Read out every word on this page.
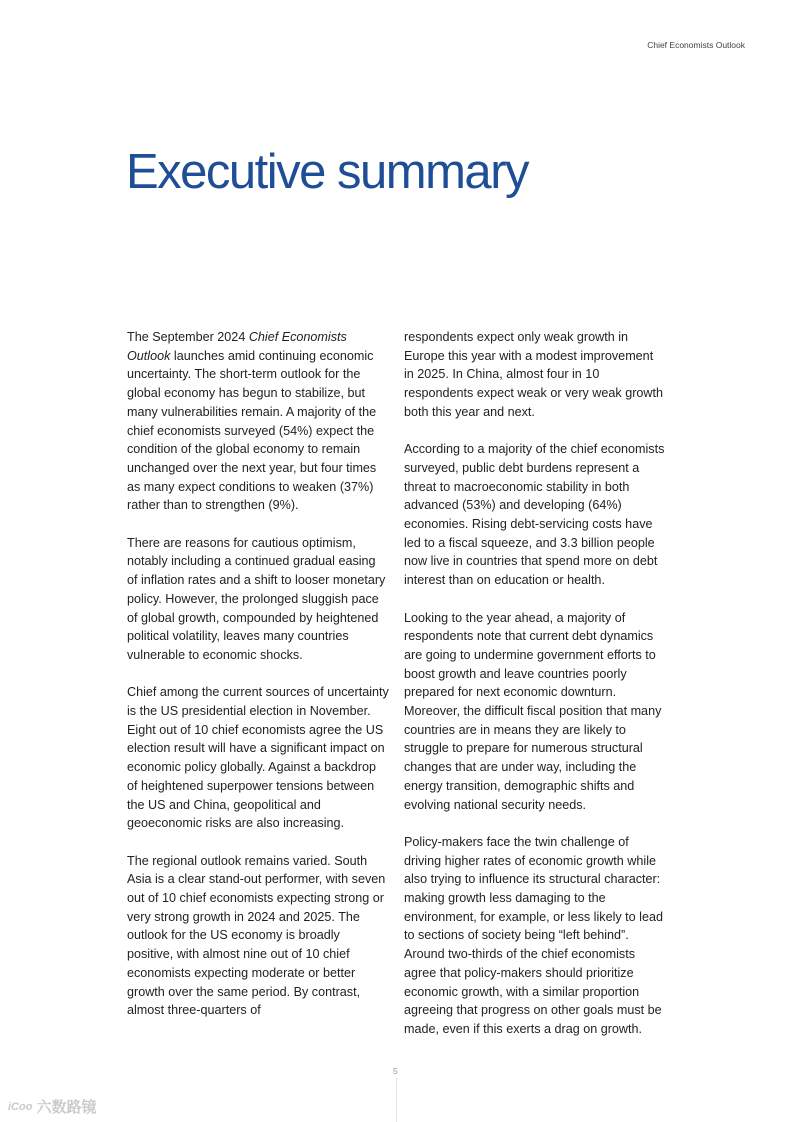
Chief Economists Outlook
Executive summary

The September 2024 Chief Economists Outlook launches amid continuing economic uncertainty. The short-term outlook for the global economy has begun to stabilize, but many vulnerabilities remain. A majority of the chief economists surveyed (54%) expect the condition of the global economy to remain unchanged over the next year, but four times as many expect conditions to weaken (37%) rather than to strengthen (9%).

There are reasons for cautious optimism, notably including a continued gradual easing of inflation rates and a shift to looser monetary policy. However, the prolonged sluggish pace of global growth, compounded by heightened political volatility, leaves many countries vulnerable to economic shocks.

Chief among the current sources of uncertainty is the US presidential election in November. Eight out of 10 chief economists agree the US election result will have a significant impact on economic policy globally. Against a backdrop of heightened superpower tensions between the US and China, geopolitical and geoeconomic risks are also increasing.

The regional outlook remains varied. South Asia is a clear stand-out performer, with seven out of 10 chief economists expecting strong or very strong growth in 2024 and 2025. The outlook for the US economy is broadly positive, with almost nine out of 10 chief economists expecting moderate or better growth over the same period. By contrast, almost three-quarters of

respondents expect only weak growth in Europe this year with a modest improvement in 2025. In China, almost four in 10 respondents expect weak or very weak growth both this year and next.

According to a majority of the chief economists surveyed, public debt burdens represent a threat to macroeconomic stability in both advanced (53%) and developing (64%) economies. Rising debt-servicing costs have led to a fiscal squeeze, and 3.3 billion people now live in countries that spend more on debt interest than on education or health.

Looking to the year ahead, a majority of respondents note that current debt dynamics are going to undermine government efforts to boost growth and leave countries poorly prepared for next economic downturn. Moreover, the difficult fiscal position that many countries are in means they are likely to struggle to prepare for numerous structural changes that are under way, including the energy transition, demographic shifts and evolving national security needs.

Policy-makers face the twin challenge of driving higher rates of economic growth while also trying to influence its structural character: making growth less damaging to the environment, for example, or less likely to lead to sections of society being “left behind”. Around two-thirds of the chief economists agree that policy-makers should prioritize economic growth, with a similar proportion agreeing that progress on other goals must be made, even if this exerts a drag on growth.

5
iCoo 六数路镜
